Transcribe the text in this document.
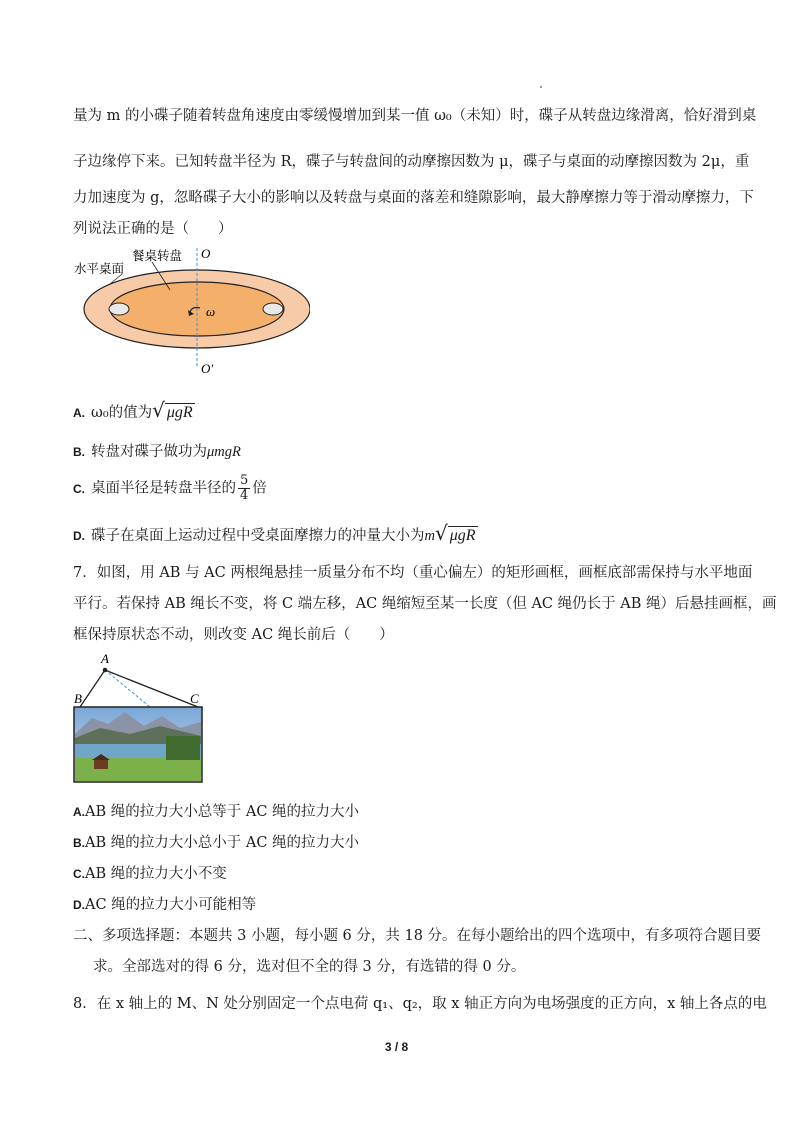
量为 m 的小碟子随着转盘角速度由零缓慢增加到某一值 ω₀（未知）时，碟子从转盘边缘滑离，恰好滑到桌
子边缘停下来。已知转盘半径为 R，碟子与转盘间的动摩擦因数为 μ，碟子与桌面的动摩擦因数为 2μ，重
力加速度为 g，忽略碟子大小的影响以及转盘与桌面的落差和缝隙影响，最大静摩擦力等于滑动摩擦力，下
列说法正确的是（　　）
水平桌面
餐桌转盘 O
O′
ω
A. ω₀的值为√ μgR
B. 转盘对碟子做功为μmgR
C. 桌面半径是转盘半径的 $\frac{5}{4}$ 倍
D. 碟子在桌面上运动过程中受桌面摩擦力的冲量大小为m√ μgR
7．如图，用 AB 与 AC 两根绳悬挂一质量分布不均（重心偏左）的矩形画框，画框底部需保持与水平地面
平行。若保持 AB 绳长不变，将 C 端左移，AC 绳缩短至某一长度（但 AC 绳仍长于 AB 绳）后悬挂画框，画
框保持原状态不动，则改变 AC 绳长前后（　　）
A
B	C
A.AB 绳的拉力大小总等于 AC 绳的拉力大小
B.AB 绳的拉力大小总小于 AC 绳的拉力大小
C.AB 绳的拉力大小不变
D.AC 绳的拉力大小可能相等
二、多项选择题：本题共 3 小题，每小题 6 分，共 18 分。在每小题给出的四个选项中，有多项符合题目要
求。全部选对的得 6 分，选对但不全的得 3 分，有选错的得 0 分。
8．在 x 轴上的 M、N 处分别固定一个点电荷 q₁、q₂，取 x 轴正方向为电场强度的正方向，x 轴上各点的电
3 / 8
